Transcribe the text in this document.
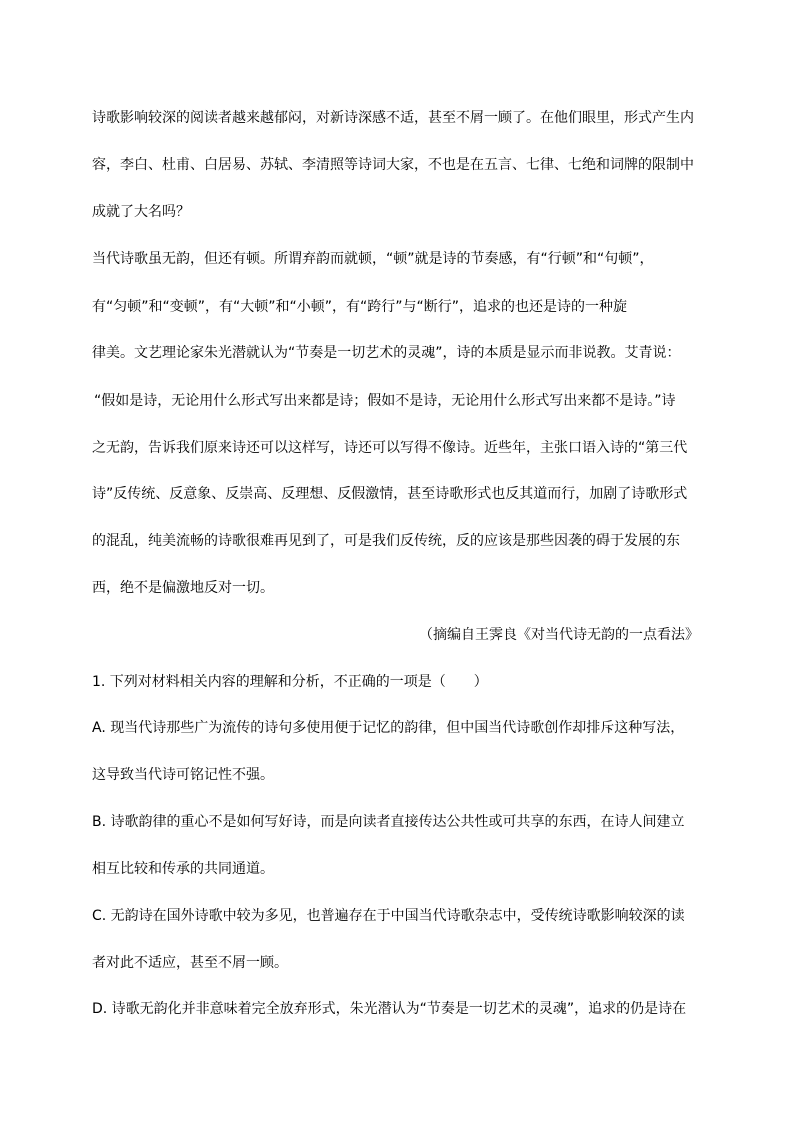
诗歌影响较深的阅读者越来越郁闷，对新诗深感不适，甚至不屑一顾了。在他们眼里，形式产生内
容，李白、杜甫、白居易、苏轼、李清照等诗词大家，不也是在五言、七律、七绝和词牌的限制中
成就了大名吗？
当代诗歌虽无韵，但还有顿。所谓弃韵而就顿，“顿”就是诗的节奏感，有“行顿”和“句顿”，
有“匀顿”和“变顿”，有“大顿”和“小顿”，有“跨行”与“断行”，追求的也还是诗的一种旋
律美。文艺理论家朱光潜就认为“节奏是一切艺术的灵魂”，诗的本质是显示而非说教。艾青说：
“假如是诗，无论用什么形式写出来都是诗；假如不是诗，无论用什么形式写出来都不是诗。”诗
之无韵，告诉我们原来诗还可以这样写，诗还可以写得不像诗。近些年，主张口语入诗的“第三代
诗”反传统、反意象、反崇高、反理想、反假激情，甚至诗歌形式也反其道而行，加剧了诗歌形式
的混乱，纯美流畅的诗歌很难再见到了，可是我们反传统，反的应该是那些因袭的碍于发展的东
西，绝不是偏激地反对一切。
（摘编自王霁良《对当代诗无韵的一点看法》
1. 下列对材料相关内容的理解和分析，不正确的一项是（　　）
A. 现当代诗那些广为流传的诗句多使用便于记忆的韵律，但中国当代诗歌创作却排斥这种写法，
这导致当代诗可铭记性不强。
B. 诗歌韵律的重心不是如何写好诗，而是向读者直接传达公共性或可共享的东西，在诗人间建立
相互比较和传承的共同通道。
C. 无韵诗在国外诗歌中较为多见，也普遍存在于中国当代诗歌杂志中，受传统诗歌影响较深的读
者对此不适应，甚至不屑一顾。
D. 诗歌无韵化并非意味着完全放弃形式，朱光潜认为“节奏是一切艺术的灵魂”，追求的仍是诗在
